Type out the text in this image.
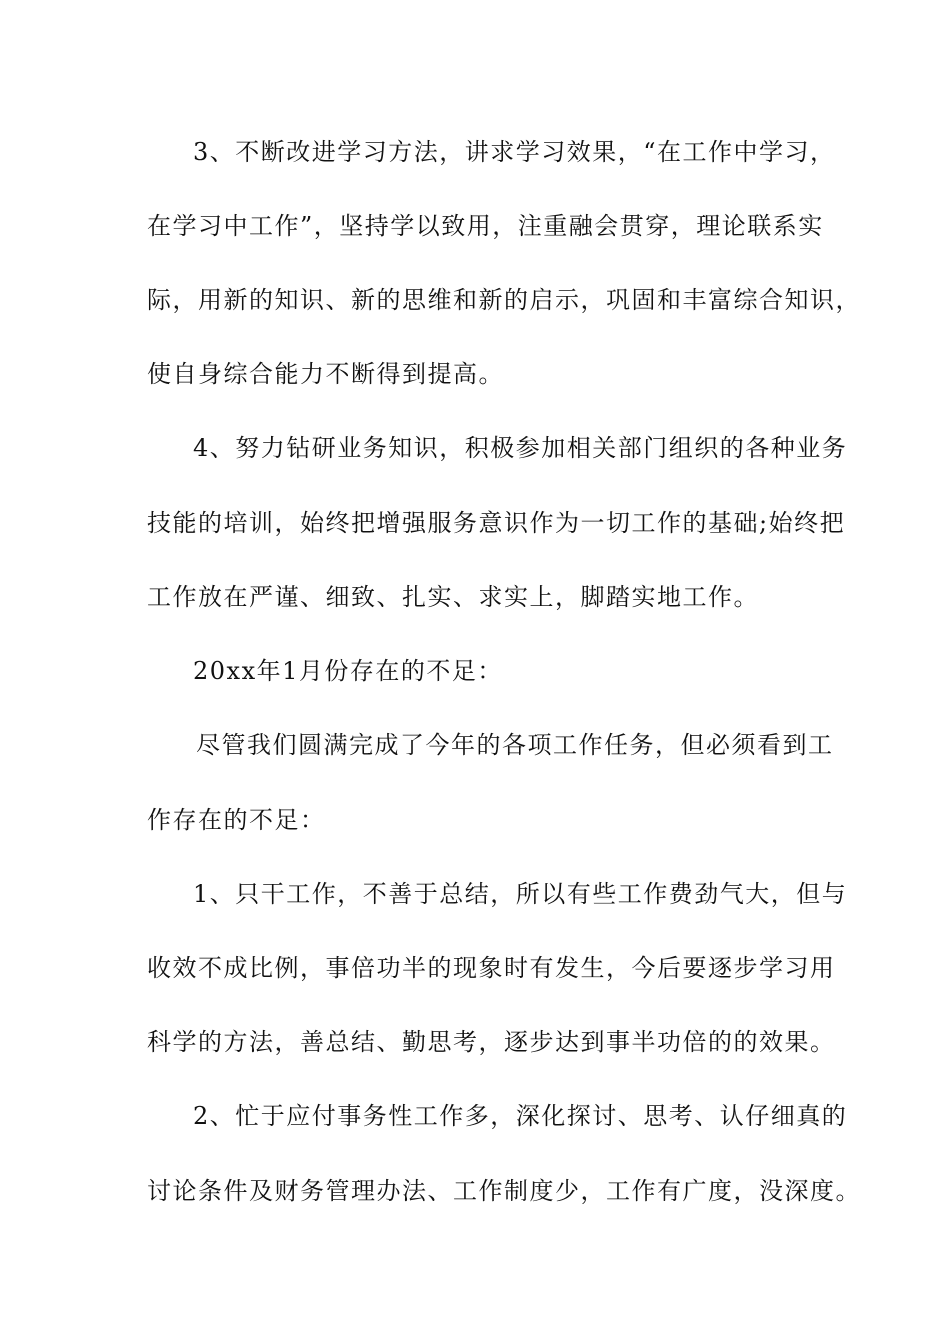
3、不断改进学习方法，讲求学习效果，“在工作中学习，
在学习中工作”，坚持学以致用，注重融会贯穿，理论联系实
际，用新的知识、新的思维和新的启示，巩固和丰富综合知识，
使自身综合能力不断得到提高。
4、努力钻研业务知识，积极参加相关部门组织的各种业务
技能的培训，始终把增强服务意识作为一切工作的基础;始终把
工作放在严谨、细致、扎实、求实上，脚踏实地工作。
20xx年1月份存在的不足：
尽管我们圆满完成了今年的各项工作任务，但必须看到工
作存在的不足：
1、只干工作，不善于总结，所以有些工作费劲气大，但与
收效不成比例，事倍功半的现象时有发生，今后要逐步学习用
科学的方法，善总结、勤思考，逐步达到事半功倍的的效果。
2、忙于应付事务性工作多，深化探讨、思考、认仔细真的
讨论条件及财务管理办法、工作制度少，工作有广度，没深度。
